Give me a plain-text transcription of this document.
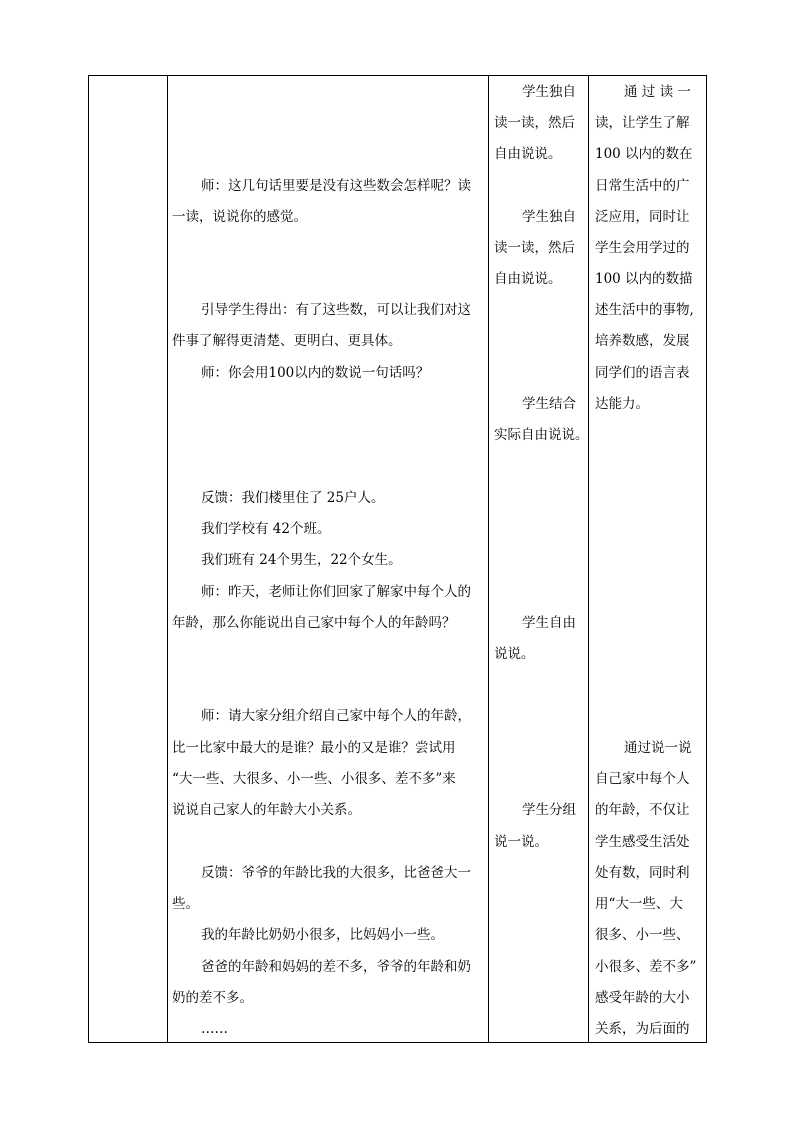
师：这几句话里要是没有这些数会怎样呢？读
一读，说说你的感觉。
引导学生得出：有了这些数，可以让我们对这
件事了解得更清楚、更明白、更具体。
师：你会用100以内的数说一句话吗？
反馈：我们楼里住了 25户人。
我们学校有 42个班。
我们班有 24个男生，22个女生。
师：昨天，老师让你们回家了解家中每个人的
年龄，那么你能说出自己家中每个人的年龄吗？
师：请大家分组介绍自己家中每个人的年龄，
比一比家中最大的是谁？最小的又是谁？尝试用
“大一些、大很多、小一些、小很多、差不多”来
说说自己家人的年龄大小关系。
反馈：爷爷的年龄比我的大很多，比爸爸大一
些。
我的年龄比奶奶小很多，比妈妈小一些。
爸爸的年龄和妈妈的差不多，爷爷的年龄和奶
奶的差不多。
……
学生独自
读一读，然后
自由说说。
学生独自
读一读，然后
自由说说。
学生结合
实际自由说说。
学生自由
说说。
学生分组
说一说。
通 过 读 一
读，让学生了解
100 以内的数在
日常生活中的广
泛应用，同时让
学生会用学过的
100 以内的数描
述生活中的事物,
培养数感，发展
同学们的语言表
达能力。
通过说一说
自己家中每个人
的年龄，不仅让
学生感受生活处
处有数，同时利
用“大一些、大
很多、小一些、
小很多、差不多”
感受年龄的大小
关系，为后面的
